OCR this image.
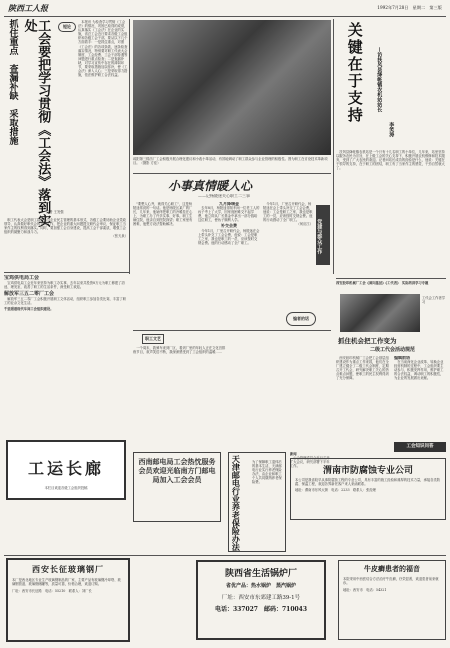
陕西工人报	1992年7月28日　星期二　第三版
抓住重点　查漏补缺　采取措施	工会要把学习贯彻《工会法》落到实处
记者 王发强
短论

本报讯 为检查学习贯彻《工会法》的情况，巩固已取得的成绩，认真落实《工会法》在企业的实施，省总工会近日要求各级工会组织和各级工会干部，要从以下几个方面着手：一是抓住重点，对照《工会法》的各项条款，逐条检查落实情况，特别要对职工代表大会制度、工会经费、工会干部待遇等问题进行重点检查；二是查漏补缺，对学习宣传中存在的薄弱环节，要采取措施加以弥补，使《工会法》深入人心；三是采取得力措施，依法维护职工合法权益。

职工代表大会是职工群众参与企业民主管理的基本形式，各级工会要协助企业党政领导，认真做好职代会的各项工作，把企业的重大问题提交职代会审议，保证职工当家作主的权利得到落实。同时，要加强工会自身建设，提高工会干部素质，增强工会组织的凝聚力和战斗力。

（张天泉）
咸阳第三棉纺厂工会积极开展合理化建议和小改小革活动，有效地调动了职工群众参与企业管理的积极性。图为职工在讨论技术革新项目。（摄影 方佳）
关键在于支持	—访扶风县绛帐镇农机站站长
李笑涛

扶风县绛帐镇农机站是一个只有十几名职工的小单位，几年来，站里坚持以服务农民为宗旨，在上级工会的关心支持下，积极开展农机维修和技术服务，受到了广大农民的欢迎。记者问站长成功的经验是什么，他说：关键在于领导的支持，在于职工的团结，职工有了当家作主的感觉，干劲自然就大了。

小事真情暖人心
——记杨陵迷关心职工二三事

"要想人心齐，就得关心职工"，这是杨陵迷常说的一句话。他是杨陵区某厂的厂长，几年来，他始终把职工的冷暖挂在心上，为职工办了许多实事、好事。职工生病住院，他亲自到医院探望；职工家里有困难，他想方设法帮助解决。

九月降瑞金

去年8月，杨陵迷得知车间一位老工人的孩子考上了大学，因家庭困难交不起学费，他立即从厂长基金中拿出一部分钱给这位职工，使孩子顺利入学。

补交会费

今年1月，厂里召开职代会，杨陵迷在会上带头补交了工会会费，他说：工会是职工之家，我也是职工的一员，应该按时交纳会费。他的行动感动了全厂职工。

今年1月，厂里召开职代会，杨陵迷在会上带头补交了工会会费，他说：工会是职工之家，我也是职工的一员，应该按时交纳会费。他的行动感动了全厂职工。

（何应江） 党建与群众工作
编者的话
宝鸡供电局工会

宝鸡供电局工会近年来坚持为职工办实事，去年以来共投资8万元为职工修建了浴池、理发室，改善了职工的生活条件，深受职工欢迎。

解放军三五二零厂工会

解放军三五二零厂工会积极开展职工文体活动，组织职工参加各类比赛，丰富了职工的业余文化生活。

千里眼看现代车间工会组织建设。
工运长廊
本栏目欢迎各级工会组织投稿
职工文艺

一个周末，我骑车来到厂区，看到厂里的年轻人正在文化宫排练节目，欢声笑语不断，我深深感受到了工会组织的温暖……

西南邮电局工会热忱服务会员欢迎光临南方门邮电局加入工会会员	天津邮电行业养老保险办法	为了保障职工退休后的基本生活，天津邮电行业实行养老保险办法，由企业和职工个人共同缴纳养老保险费。
新闻

公会管理委员会近日召开扩大会议，研究部署下半年工作。

西安胶印机械厂工会《面向基层》《工代表》　实际培训学习专题
工代会工作者学习
抓住机会把工作变为
二级工代会活动规范

西安胶印机械厂工会把工会基层组织建设作为重点工作来抓，他们在全厂建立健全了二级工代会制度，定期召开工代会，研究解决职工关心的热点难点问题，使职工的民主权利得到了充分保障。

编辑前语

在当前深化企业改革、转换企业经营机制的过程中，工会组织要主动参与，积极发挥作用，维护职工的合法权益，调动职工的积极性，为企业的发展做出贡献。

工会知识问答
渭南市防腐蚀专业公司
本公司是我省较早从事防腐蚀工程的专业公司，具有丰富的施工经验和雄厚的技术力量，承接各类防腐、保温工程，欢迎各界新老客户来人来函联系。
地址：渭南市东风大街　电话：2233　联系人：张经理
西安长征玻璃钢厂
本厂是西北地区专业生产玻璃钢制品的厂家，主要产品有玻璃钢冷却塔、玻璃钢管道、玻璃钢储罐等，质量可靠，价格合理，欢迎订购。
厂址：西安市长征路　电话：55210　联系人：刘厂长
陕西省生活锅炉厂
省优产品：热水锅炉　蒸汽锅炉
厂址：西安市东郊建工路39-1号
电话：337027　邮码：710043
牛皮癣患者的福音
本院采用中西医结合方法治疗牛皮癣，疗效显著，欢迎患者前来就诊。
地址：西安市　电话：54321
